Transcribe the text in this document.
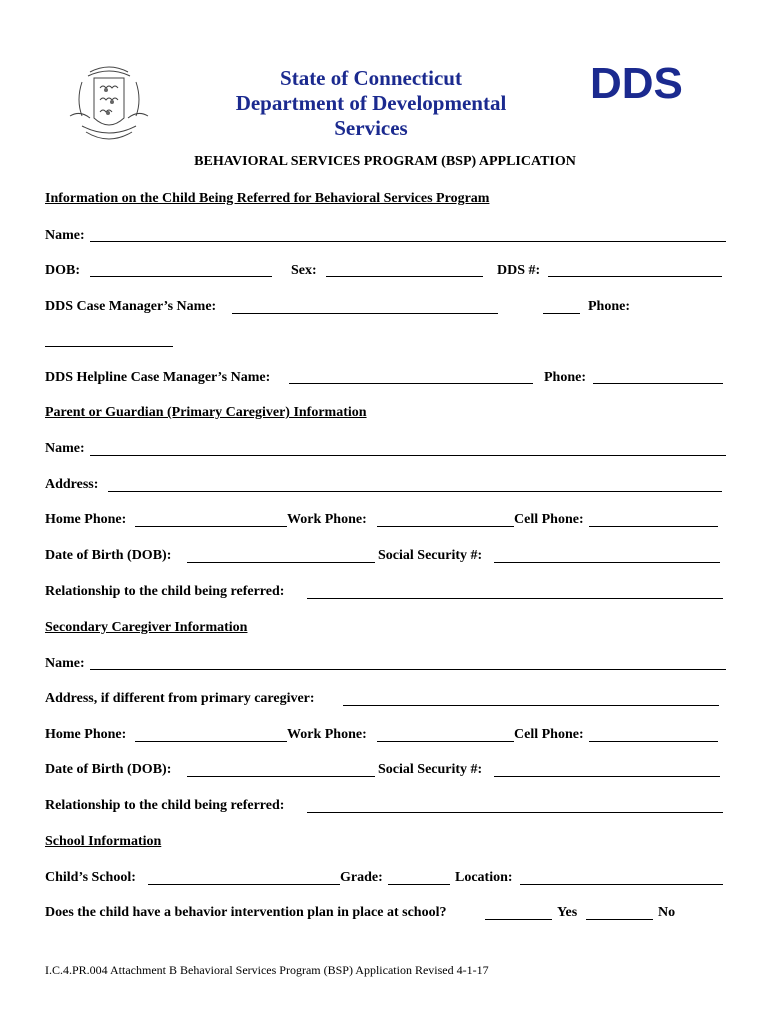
State of Connecticut
Department of Developmental
Services
DDS
BEHAVIORAL SERVICES PROGRAM (BSP) APPLICATION
Information on the Child Being Referred for Behavioral Services Program
Name:
DOB:	Sex:	DDS #:
DDS Case Manager’s Name:	Phone:
DDS Helpline Case Manager’s Name:	Phone:
Parent or Guardian (Primary Caregiver) Information
Name:
Address:
Home Phone:	Work Phone:	Cell Phone:
Date of Birth (DOB):	Social Security #:
Relationship to the child being referred:
Secondary Caregiver Information
Name:
Address, if different from primary caregiver:
Home Phone:	Work Phone:	Cell Phone:
Date of Birth (DOB):	Social Security #:
Relationship to the child being referred:
School Information
Child’s School:	Grade:	Location:
Does the child have a behavior intervention plan in place at school?	Yes	No
I.C.4.PR.004 Attachment B Behavioral Services Program (BSP) Application Revised 4-1-17
